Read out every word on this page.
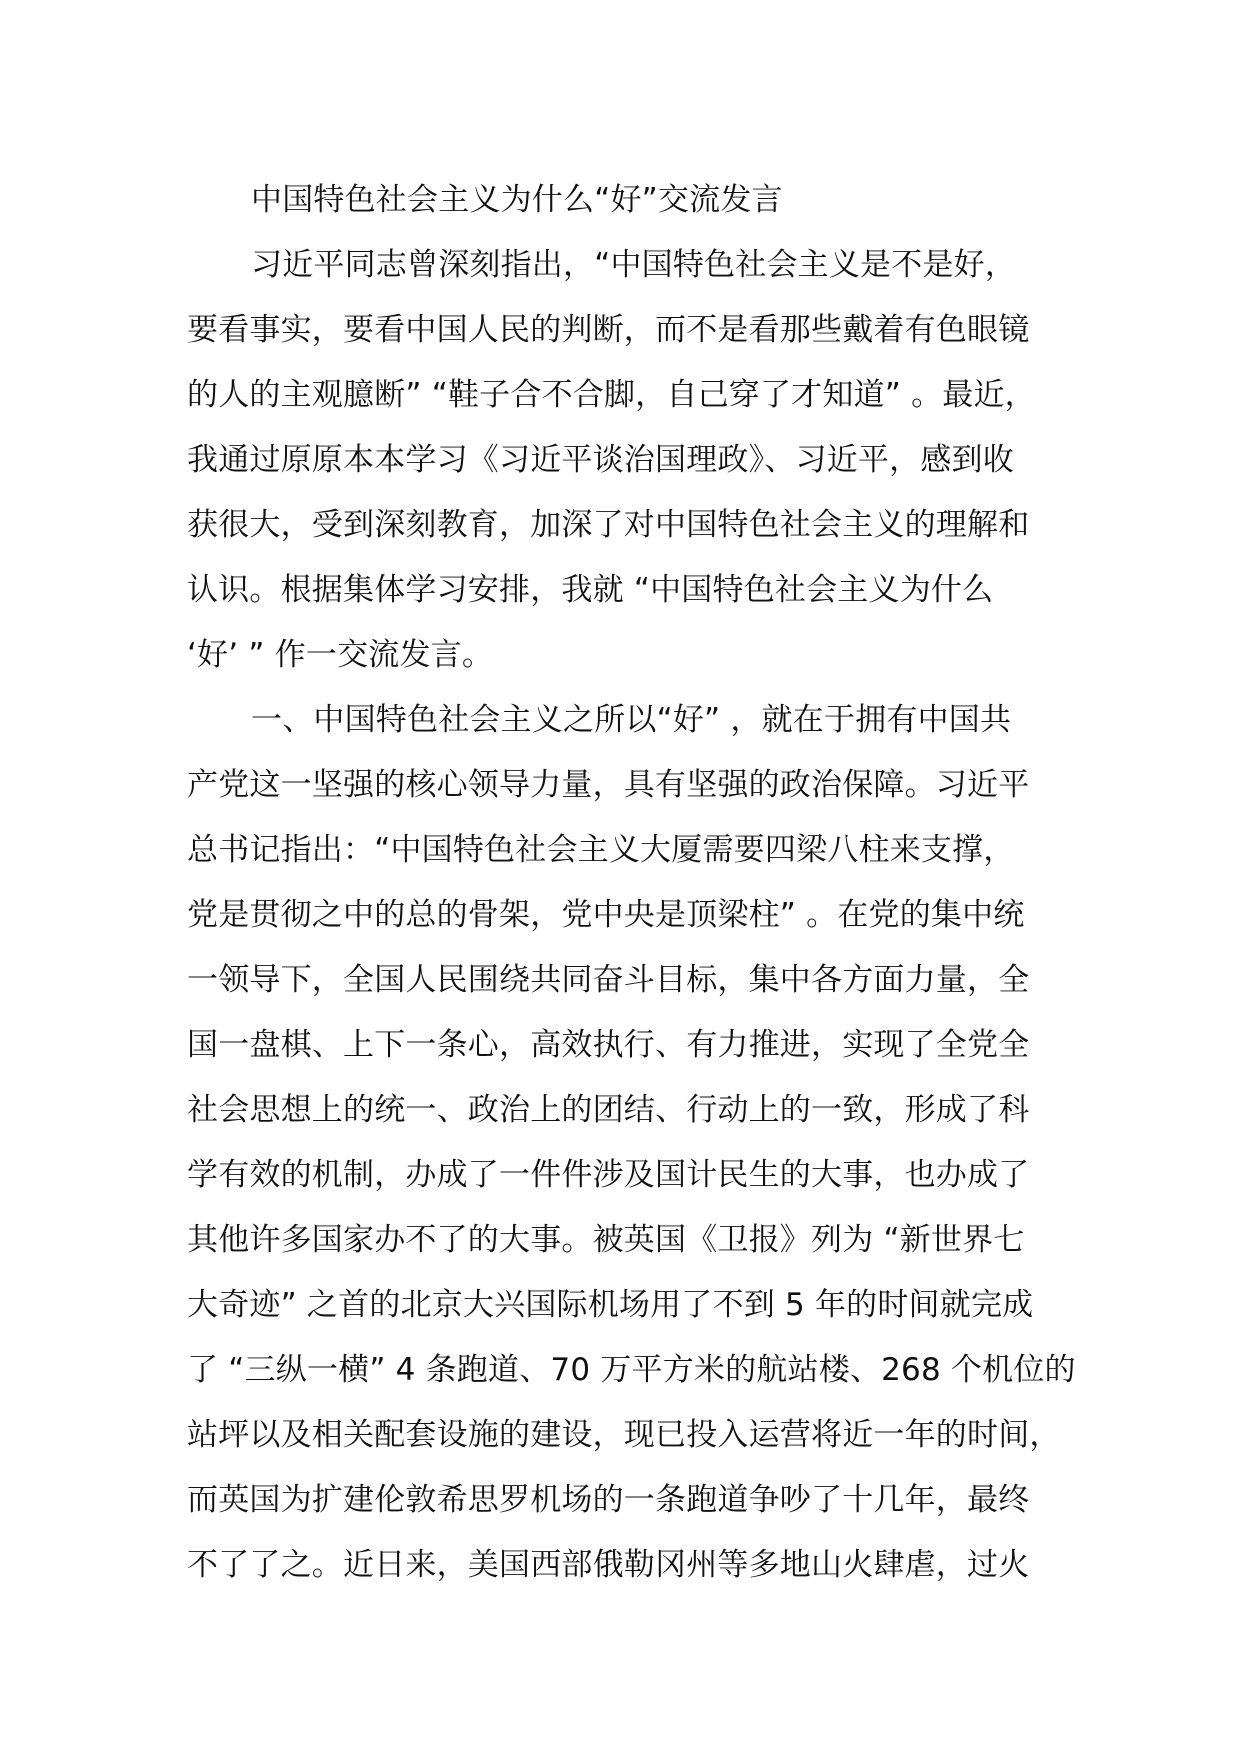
中国特色社会主义为什么“好”交流发言
习近平同志曾深刻指出，“中国特色社会主义是不是好，
要看事实，要看中国人民的判断，而不是看那些戴着有色眼镜
的人的主观臆断” “鞋子合不合脚，自己穿了才知道” 。最近，
我通过原原本本学习《习近平谈治国理政》、习近平，感到收
获很大，受到深刻教育，加深了对中国特色社会主义的理解和
认识。根据集体学习安排，我就 “中国特色社会主义为什么
‘好’ ” 作一交流发言。
一、中国特色社会主义之所以“好” ，就在于拥有中国共
产党这一坚强的核心领导力量，具有坚强的政治保障。习近平
总书记指出：“中国特色社会主义大厦需要四梁八柱来支撑，
党是贯彻之中的总的骨架，党中央是顶梁柱” 。在党的集中统
一领导下，全国人民围绕共同奋斗目标，集中各方面力量，全
国一盘棋、上下一条心，高效执行、有力推进，实现了全党全
社会思想上的统一、政治上的团结、行动上的一致，形成了科
学有效的机制，办成了一件件涉及国计民生的大事，也办成了
其他许多国家办不了的大事。被英国《卫报》列为 “新世界七
大奇迹” 之首的北京大兴国际机场用了不到 5 年的时间就完成
了 “三纵一横” 4 条跑道、70 万平方米的航站楼、268 个机位的
站坪以及相关配套设施的建设，现已投入运营将近一年的时间，
而英国为扩建伦敦希思罗机场的一条跑道争吵了十几年，最终
不了了之。近日来，美国西部俄勒冈州等多地山火肆虐，过火
